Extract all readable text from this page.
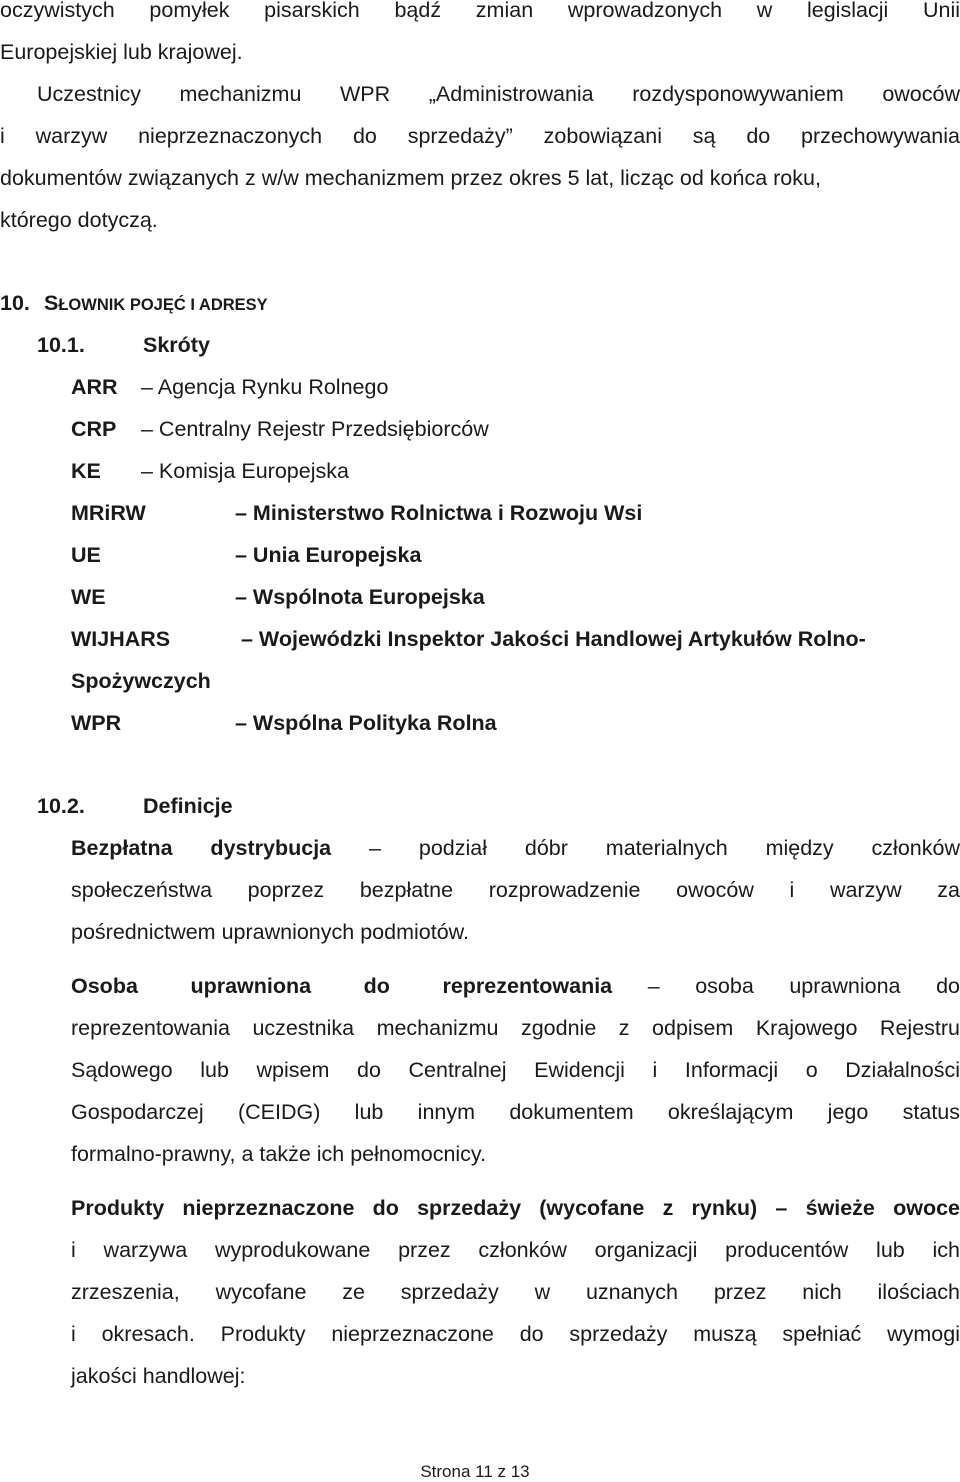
oczywistych pomyłek pisarskich bądź zmian wprowadzonych w legislacji Unii
Europejskiej lub krajowej.
Uczestnicy mechanizmu WPR „Administrowania rozdysponowywaniem owoców
i warzyw nieprzeznaczonych do sprzedaży” zobowiązani są do przechowywania
dokumentów związanych z w/w mechanizmem przez okres 5 lat, licząc od końca roku,
którego dotyczą.
10. SŁOWNIK POJĘĆ I ADRESY
10.1.	Skróty
ARR – Agencja Rynku Rolnego
CRP – Centralny Rejestr Przedsiębiorców
KE – Komisja Europejska
MRiRW	– Ministerstwo Rolnictwa i Rozwoju Wsi
UE	– Unia Europejska
WE	– Wspólnota Europejska
WIJHARS	– Wojewódzki Inspektor Jakości Handlowej Artykułów Rolno-
Spożywczych
WPR	– Wspólna Polityka Rolna
10.2.	Definicje
Bezpłatna dystrybucja – podział dóbr materialnych między członków
społeczeństwa poprzez bezpłatne rozprowadzenie owoców i warzyw za
pośrednictwem uprawnionych podmiotów.
Osoba uprawniona do reprezentowania – osoba uprawniona do
reprezentowania uczestnika mechanizmu zgodnie z odpisem Krajowego Rejestru
Sądowego lub wpisem do Centralnej Ewidencji i Informacji o Działalności
Gospodarczej (CEIDG) lub innym dokumentem określającym jego status
formalno-prawny, a także ich pełnomocnicy.
Produkty nieprzeznaczone do sprzedaży (wycofane z rynku) – świeże owoce
i warzywa wyprodukowane przez członków organizacji producentów lub ich
zrzeszenia, wycofane ze sprzedaży w uznanych przez nich ilościach
i okresach. Produkty nieprzeznaczone do sprzedaży muszą spełniać wymogi
jakości handlowej:
Strona 11 z 13
